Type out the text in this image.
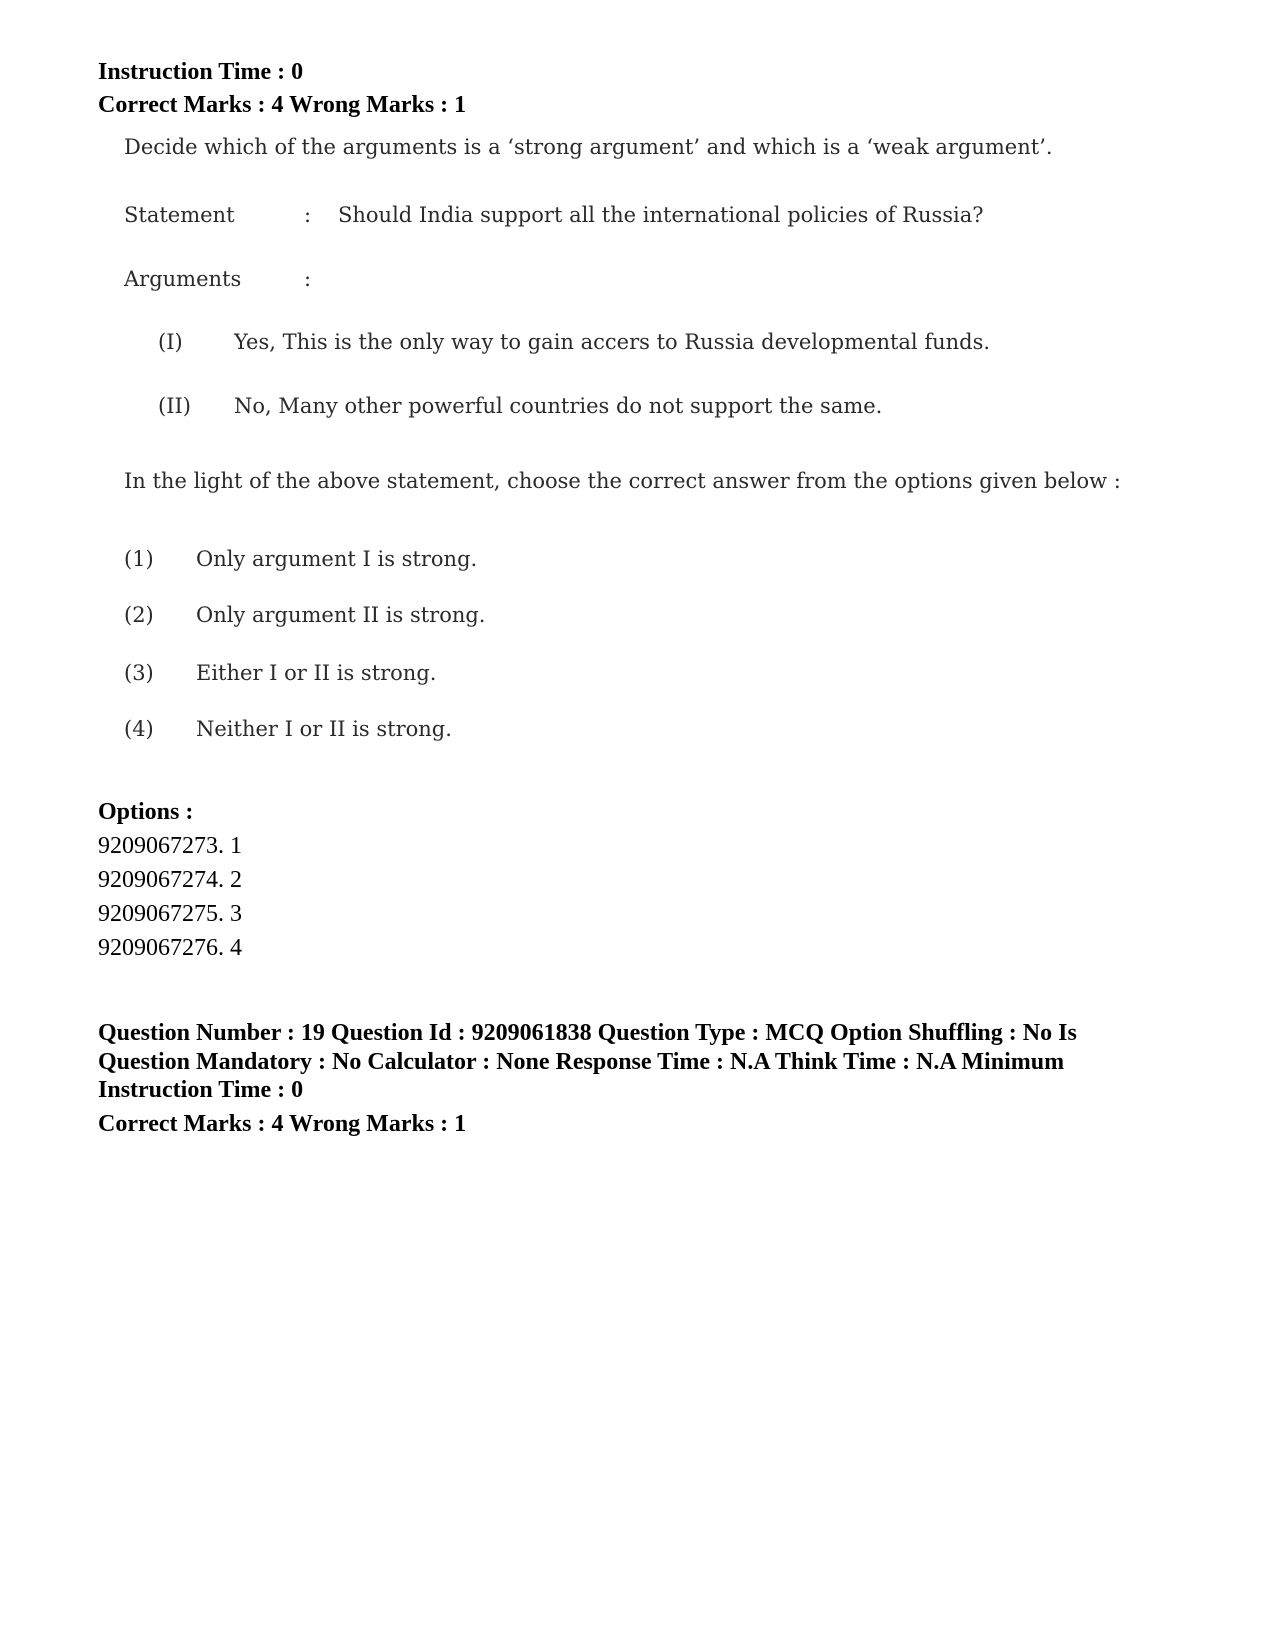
Instruction Time : 0
Correct Marks : 4 Wrong Marks : 1
Decide which of the arguments is a ‘strong argument’ and which is a ‘weak argument’.
Statement	: Should India support all the international policies of Russia?
Arguments	:
(I) Yes, This is the only way to gain accers to Russia developmental funds.
(II) No, Many other powerful countries do not support the same.
In the light of the above statement, choose the correct answer from the options given below :
(1) Only argument I is strong.
(2) Only argument II is strong.
(3) Either I or II is strong.
(4) Neither I or II is strong.
Options :
9209067273. 1
9209067274. 2
9209067275. 3
9209067276. 4
Question Number : 19 Question Id : 9209061838 Question Type : MCQ Option Shuffling : No Is
Question Mandatory : No Calculator : None Response Time : N.A Think Time : N.A Minimum
Instruction Time : 0
Correct Marks : 4 Wrong Marks : 1
